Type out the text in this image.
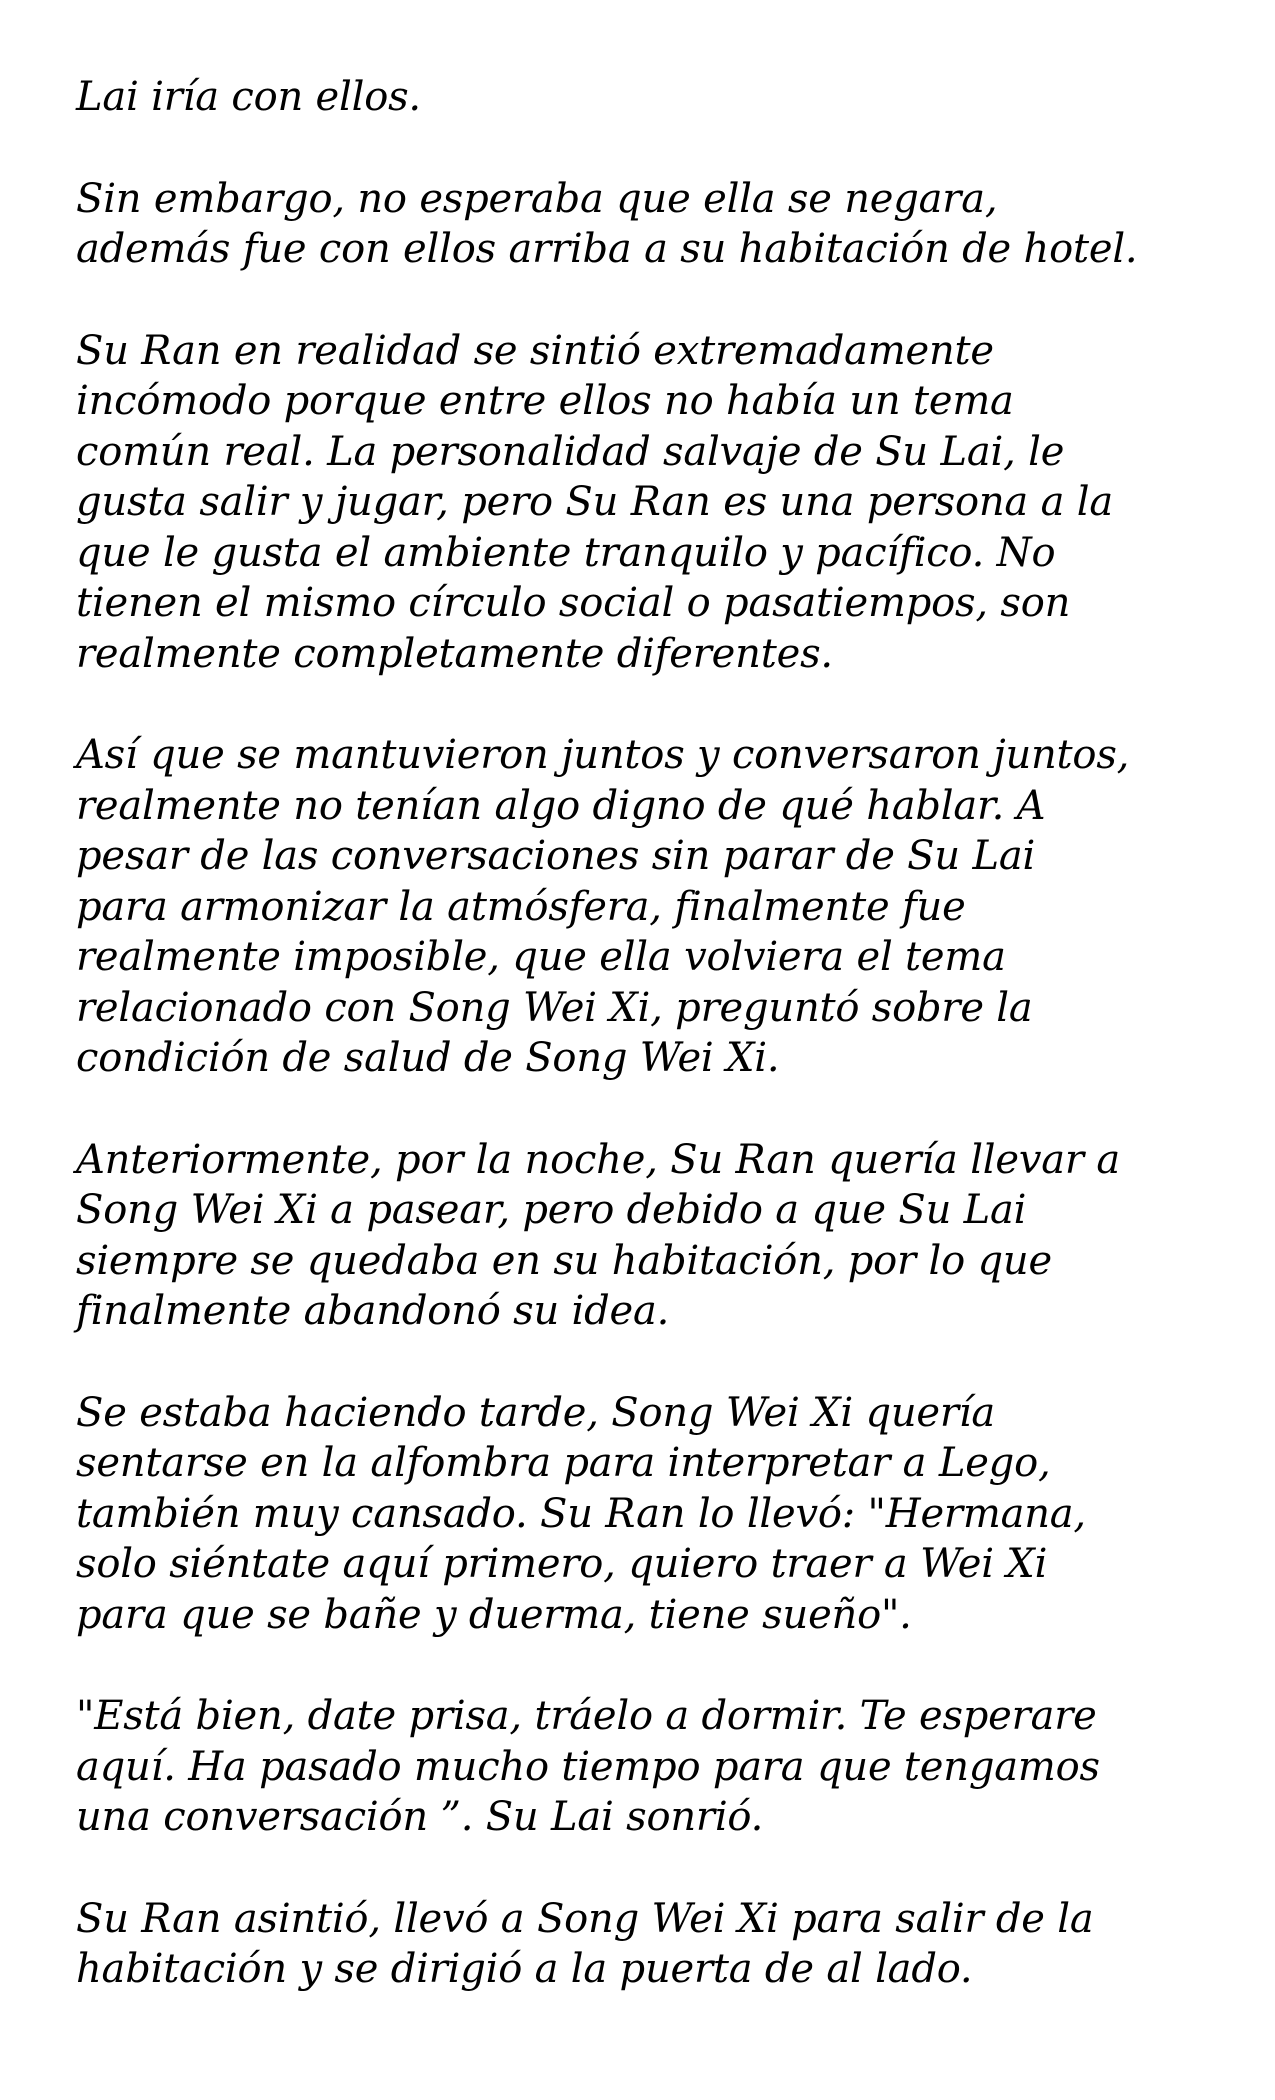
Lai iría con ellos.

Sin embargo, no esperaba que ella se negara,
además fue con ellos arriba a su habitación de hotel.

Su Ran en realidad se sintió extremadamente
incómodo porque entre ellos no había un tema
común real. La personalidad salvaje de Su Lai, le
gusta salir y jugar, pero Su Ran es una persona a la
que le gusta el ambiente tranquilo y pacífico. No
tienen el mismo círculo social o pasatiempos, son
realmente completamente diferentes.

Así que se mantuvieron juntos y conversaron juntos,
realmente no tenían algo digno de qué hablar. A
pesar de las conversaciones sin parar de Su Lai
para armonizar la atmósfera, finalmente fue
realmente imposible, que ella volviera el tema
relacionado con Song Wei Xi, preguntó sobre la
condición de salud de Song Wei Xi.

Anteriormente, por la noche, Su Ran quería llevar a
Song Wei Xi a pasear, pero debido a que Su Lai
siempre se quedaba en su habitación, por lo que
finalmente abandonó su idea.

Se estaba haciendo tarde, Song Wei Xi quería
sentarse en la alfombra para interpretar a Lego,
también muy cansado. Su Ran lo llevó: "Hermana,
solo siéntate aquí primero, quiero traer a Wei Xi
para que se bañe y duerma, tiene sueño".

"Está bien, date prisa, tráelo a dormir. Te esperare
aquí. Ha pasado mucho tiempo para que tengamos
una conversación ”. Su Lai sonrió.

Su Ran asintió, llevó a Song Wei Xi para salir de la
habitación y se dirigió a la puerta de al lado.
